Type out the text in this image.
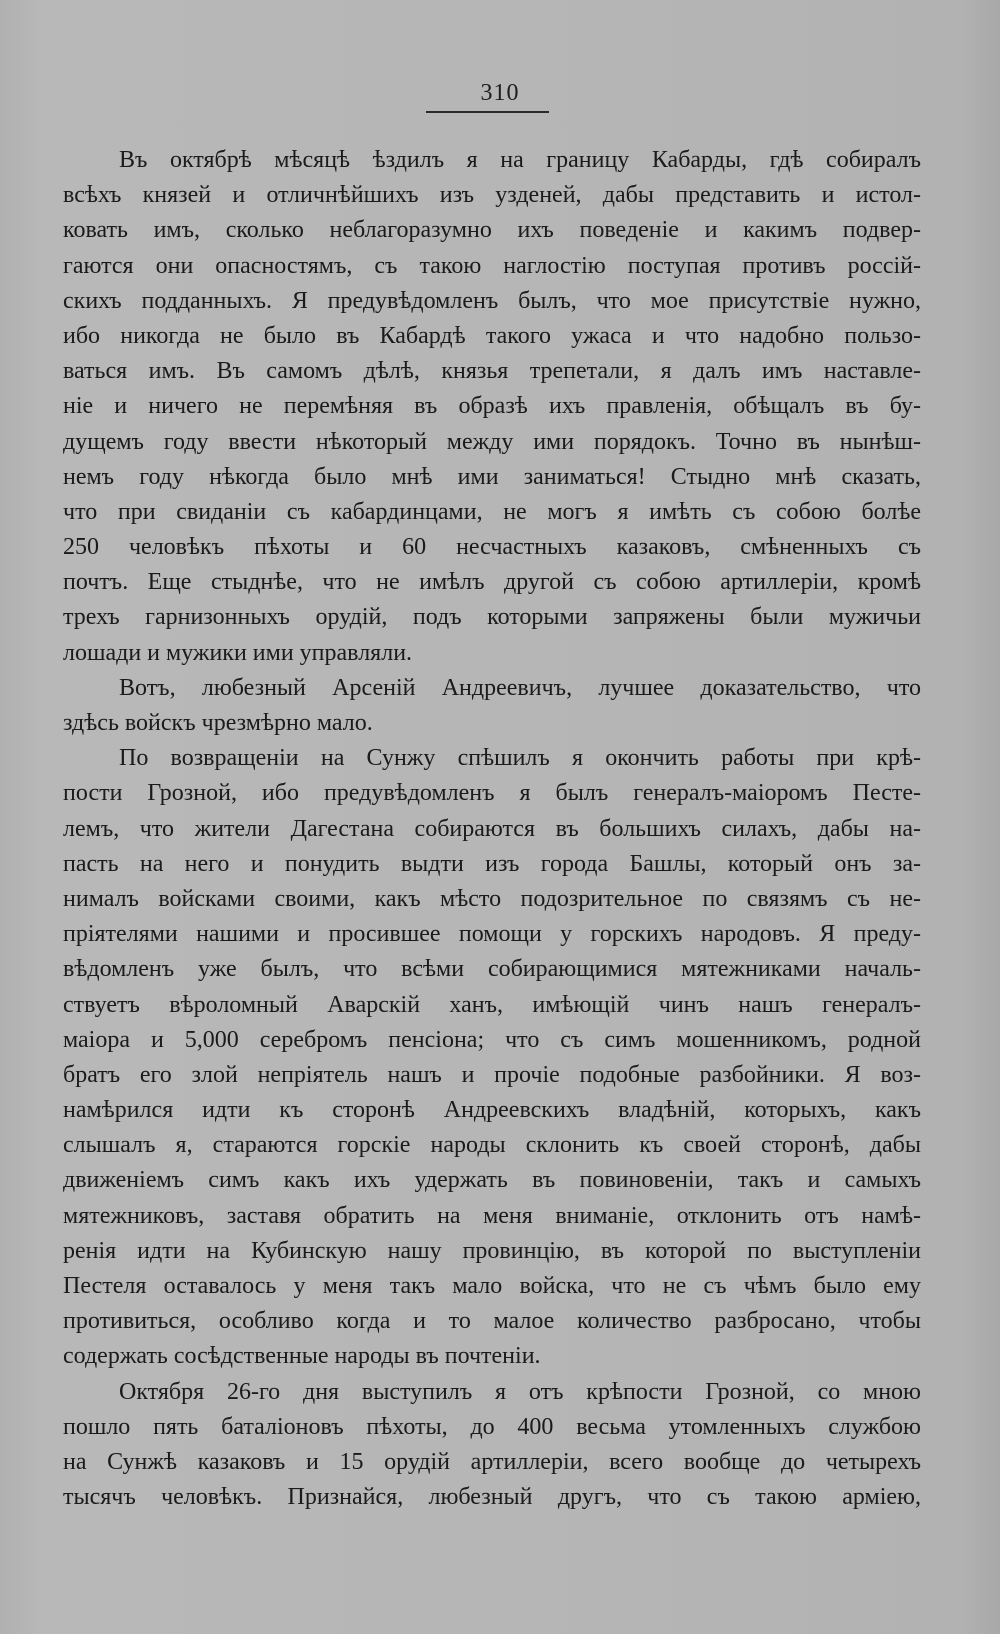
310
Въ октябрѣ мѣсяцѣ ѣздилъ я на границу Кабарды, гдѣ собиралъ
всѣхъ князей и отличнѣйшихъ изъ узденей, дабы представить и истол-
ковать имъ, сколько неблагоразумно ихъ поведеніе и какимъ подвер-
гаются они опасностямъ, съ такою наглостію поступая противъ россій-
скихъ подданныхъ. Я предувѣдомленъ былъ, что мое присутствіе нужно,
ибо никогда не было въ Кабардѣ такого ужаса и что надобно пользо-
ваться имъ. Въ самомъ дѣлѣ, князья трепетали, я далъ имъ наставле-
ніе и ничего не перемѣняя въ образѣ ихъ правленія, обѣщалъ въ бу-
дущемъ году ввести нѣкоторый между ими порядокъ. Точно въ нынѣш-
немъ году нѣкогда было мнѣ ими заниматься! Стыдно мнѣ сказать,
что при свиданіи съ кабардинцами, не могъ я имѣть съ собою болѣе
250 человѣкъ пѣхоты и 60 несчастныхъ казаковъ, смѣненныхъ съ
почтъ. Еще стыднѣе, что не имѣлъ другой съ собою артиллеріи, кромѣ
трехъ гарнизонныхъ орудій, подъ которыми запряжены были мужичьи
лошади и мужики ими управляли.
Вотъ, любезный Арсеній Андреевичъ, лучшее доказательство, что
здѣсь войскъ чрезмѣрно мало.
По возвращеніи на Сунжу спѣшилъ я окончить работы при крѣ-
пости Грозной, ибо предувѣдомленъ я былъ генералъ-маіоромъ Песте-
лемъ, что жители Дагестана собираются въ большихъ силахъ, дабы на-
пасть на него и понудить выдти изъ города Башлы, который онъ за-
нималъ войсками своими, какъ мѣсто подозрительное по связямъ съ не-
пріятелями нашими и просившее помощи у горскихъ народовъ. Я преду-
вѣдомленъ уже былъ, что всѣми собирающимися мятежниками началь-
ствуетъ вѣроломный Аварскій ханъ, имѣющій чинъ нашъ генералъ-
маіора и 5,000 серебромъ пенсіона; что съ симъ мошенникомъ, родной
братъ его злой непріятель нашъ и прочіе подобные разбойники. Я воз-
намѣрился идти къ сторонѣ Андреевскихъ владѣній, которыхъ, какъ
слышалъ я, стараются горскіе народы склонить къ своей сторонѣ, дабы
движеніемъ симъ какъ ихъ удержать въ повиновеніи, такъ и самыхъ
мятежниковъ, заставя обратить на меня вниманіе, отклонить отъ намѣ-
ренія идти на Кубинскую нашу провинцію, въ которой по выступленіи
Пестеля оставалось у меня такъ мало войска, что не съ чѣмъ было ему
противиться, особливо когда и то малое количество разбросано, чтобы
содержать сосѣдственные народы въ почтеніи.
Октября 26-го дня выступилъ я отъ крѣпости Грозной, со мною
пошло пять баталіоновъ пѣхоты, до 400 весьма утомленныхъ службою
на Сунжѣ казаковъ и 15 орудій артиллеріи, всего вообще до четырехъ
тысячъ человѣкъ. Признайся, любезный другъ, что съ такою арміею,
